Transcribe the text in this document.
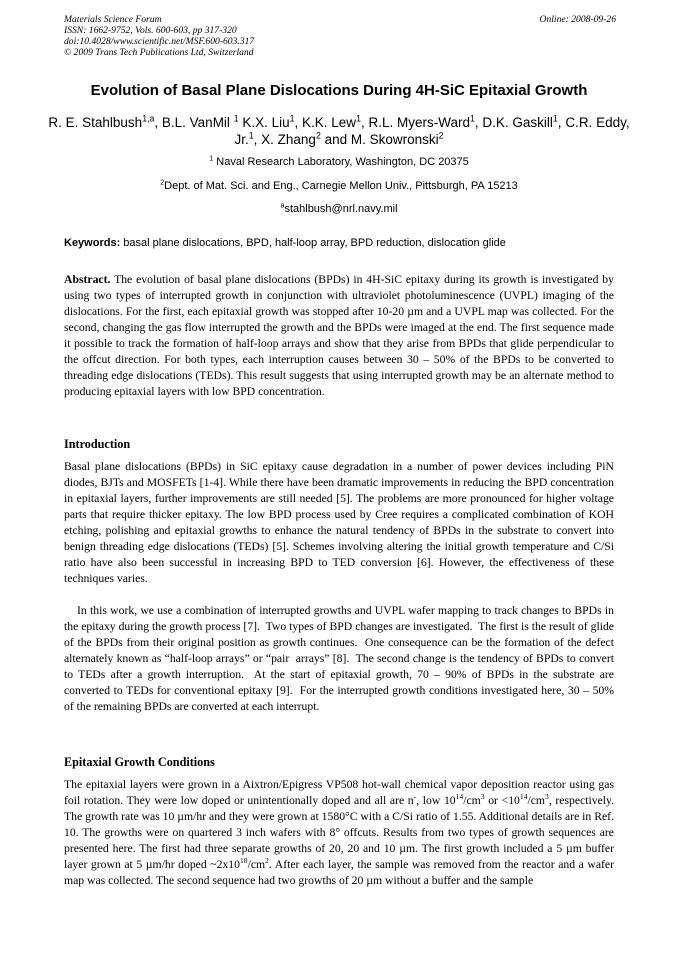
Materials Science Forum
ISSN: 1662-9752, Vols. 600-603, pp 317-320
doi:10.4028/www.scientific.net/MSF.600-603.317
© 2009 Trans Tech Publications Ltd, Switzerland
Online: 2008-09-26
Evolution of Basal Plane Dislocations During 4H-SiC Epitaxial Growth
R. E. Stahlbush$^{1,a}$, B.L. VanMil $^1$ K.X. Liu$^1$, K.K. Lew$^1$, R.L. Myers-Ward$^1$, D.K. Gaskill$^1$, C.R. Eddy, Jr.$^1$, X. Zhang$^2$ and M. Skowronski$^2$
$^1$ Naval Research Laboratory, Washington, DC 20375
$^2$Dept. of Mat. Sci. and Eng., Carnegie Mellon Univ., Pittsburgh, PA 15213
$^a$stahlbush@nrl.navy.mil
Keywords: basal plane dislocations, BPD, half-loop array, BPD reduction, dislocation glide
Abstract. The evolution of basal plane dislocations (BPDs) in 4H-SiC epitaxy during its growth is investigated by using two types of interrupted growth in conjunction with ultraviolet photoluminescence (UVPL) imaging of the dislocations. For the first, each epitaxial growth was stopped after 10-20 µm and a UVPL map was collected. For the second, changing the gas flow interrupted the growth and the BPDs were imaged at the end. The first sequence made it possible to track the formation of half-loop arrays and show that they arise from BPDs that glide perpendicular to the offcut direction. For both types, each interruption causes between 30 – 50% of the BPDs to be converted to threading edge dislocations (TEDs). This result suggests that using interrupted growth may be an alternate method to producing epitaxial layers with low BPD concentration.
Introduction
Basal plane dislocations (BPDs) in SiC epitaxy cause degradation in a number of power devices including PiN diodes, BJTs and MOSFETs [1-4]. While there have been dramatic improvements in reducing the BPD concentration in epitaxial layers, further improvements are still needed [5]. The problems are more pronounced for higher voltage parts that require thicker epitaxy. The low BPD process used by Cree requires a complicated combination of KOH etching, polishing and epitaxial growths to enhance the natural tendency of BPDs in the substrate to convert into benign threading edge dislocations (TEDs) [5]. Schemes involving altering the initial growth temperature and C/Si ratio have also been successful in increasing BPD to TED conversion [6]. However, the effectiveness of these techniques varies.
In this work, we use a combination of interrupted growths and UVPL wafer mapping to track changes to BPDs in the epitaxy during the growth process [7].  Two types of BPD changes are investigated.  The first is the result of glide of the BPDs from their original position as growth continues.  One consequence can be the formation of the defect alternately known as “half-loop arrays” or “pair  arrays” [8].  The second change is the tendency of BPDs to convert to TEDs after a growth interruption.  At the start of epitaxial growth, 70 – 90% of BPDs in the substrate are converted to TEDs for conventional epitaxy [9].  For the interrupted growth conditions investigated here, 30 – 50% of the remaining BPDs are converted at each interrupt.
Epitaxial Growth Conditions
The epitaxial layers were grown in a Aixtron/Epigress VP508 hot-wall chemical vapor deposition reactor using gas foil rotation. They were low doped or unintentionally doped and all are n-, low $10^{14}/cm^3$ or $<10^{14}/cm^3$, respectively. The growth rate was 10 µm/hr and they were grown at 1580°C with a C/Si ratio of 1.55. Additional details are in Ref. 10. The growths were on quartered 3 inch wafers with 8° offcuts. Results from two types of growth sequences are presented here. The first had three separate growths of 20, 20 and 10 µm. The first growth included a 5 µm buffer layer grown at 5 µm/hr doped $\sim 2x10^{18}/cm^2$. After each layer, the sample was removed from the reactor and a wafer map was collected. The second sequence had two growths of 20 µm without a buffer and the sample
